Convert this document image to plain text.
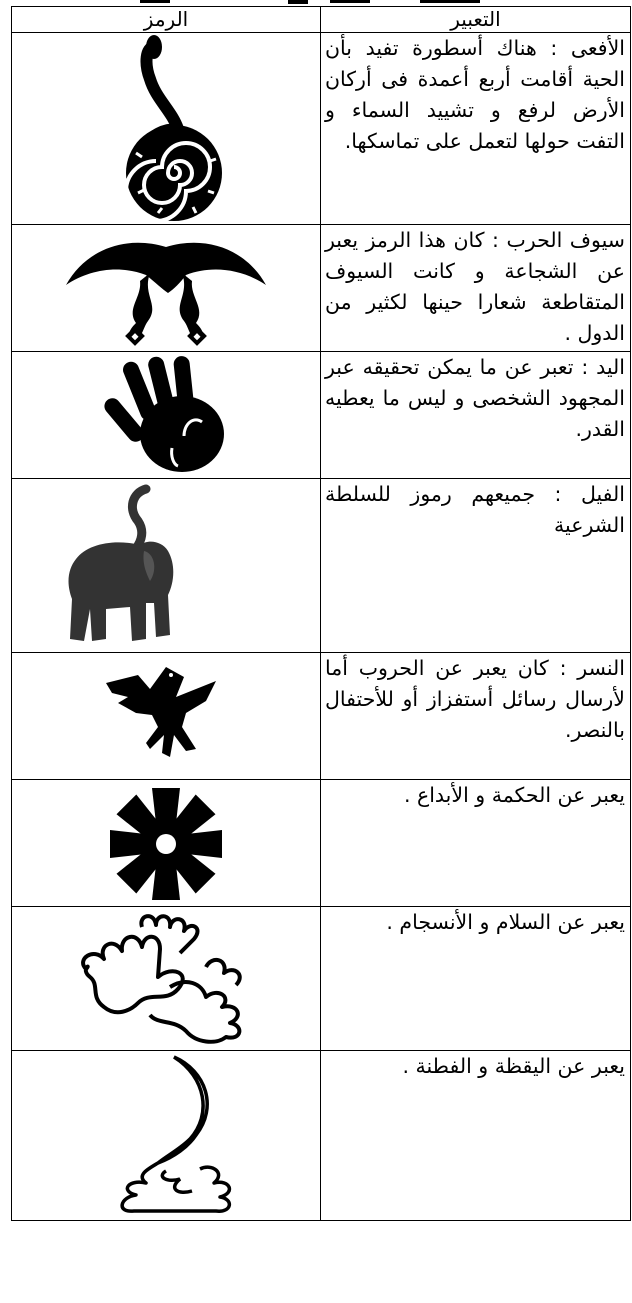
التعبير	الرمز

الأفعى : هناك أسطورة تفيد بأن الحية أقامت أربع أعمدة فى أركان الأرض لرفع و تشييد السماء و التفت حولها لتعمل على تماسكها.

سيوف الحرب : كان هذا الرمز يعبر عن الشجاعة و كانت السيوف المتقاطعة شعارا حينها لكثير من الدول .

اليد : تعبر عن ما يمكن تحقيقه عبر المجهود الشخصى و ليس ما يعطيه القدر.

الفيل : جميعهم رموز للسلطة الشرعية

النسر : كان يعبر عن الحروب أما لأرسال رسائل أستفزاز أو للأحتفال بالنصر.

يعبر عن الحكمة و الأبداع .

يعبر عن السلام و الأنسجام .

يعبر عن اليقظة و الفطنة .
